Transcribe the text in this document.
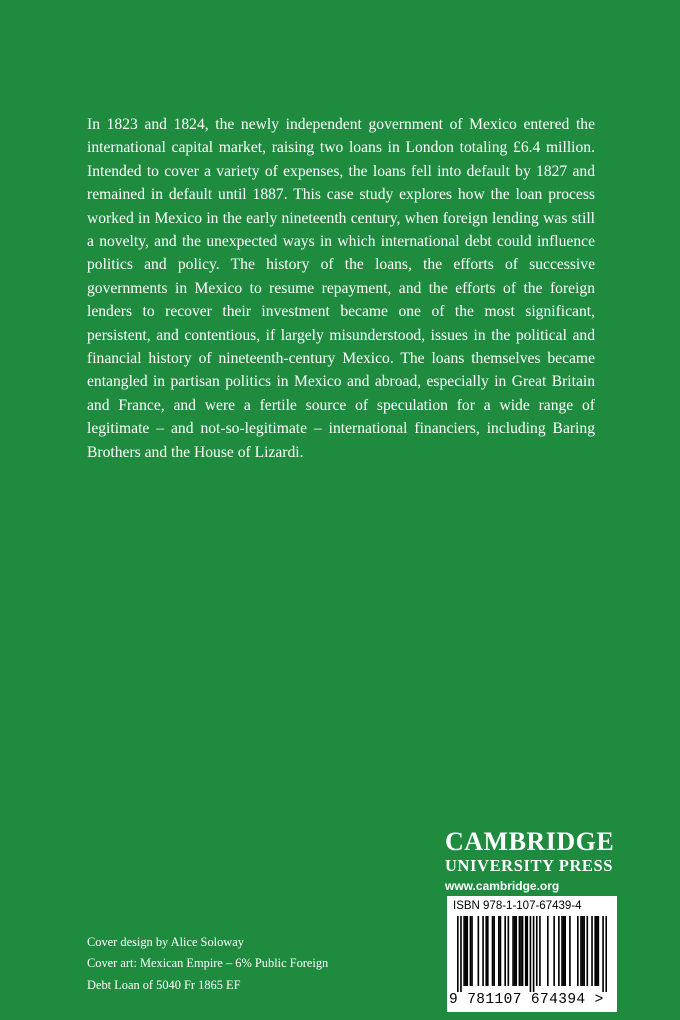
In 1823 and 1824, the newly independent government of Mexico entered the international capital market, raising two loans in London totaling £6.4 million. Intended to cover a variety of expenses, the loans fell into default by 1827 and remained in default until 1887. This case study explores how the loan process worked in Mexico in the early nineteenth century, when foreign lending was still a novelty, and the unexpected ways in which international debt could influence politics and policy. The history of the loans, the efforts of successive governments in Mexico to resume repayment, and the efforts of the foreign lenders to recover their investment became one of the most significant, persistent, and contentious, if largely misunderstood, issues in the political and financial history of nineteenth-century Mexico. The loans themselves became entangled in partisan politics in Mexico and abroad, especially in Great Britain and France, and were a fertile source of speculation for a wide range of legitimate – and not-so-legitimate – international financiers, including Baring Brothers and the House of Lizardi.

Cover design by Alice Soloway
Cover art: Mexican Empire – 6% Public Foreign
Debt Loan of 5040 Fr 1865 EF
CAMBRIDGE
UNIVERSITY PRESS
www.cambridge.org
ISBN 978-1-107-67439-4
9 781107 674394 >
